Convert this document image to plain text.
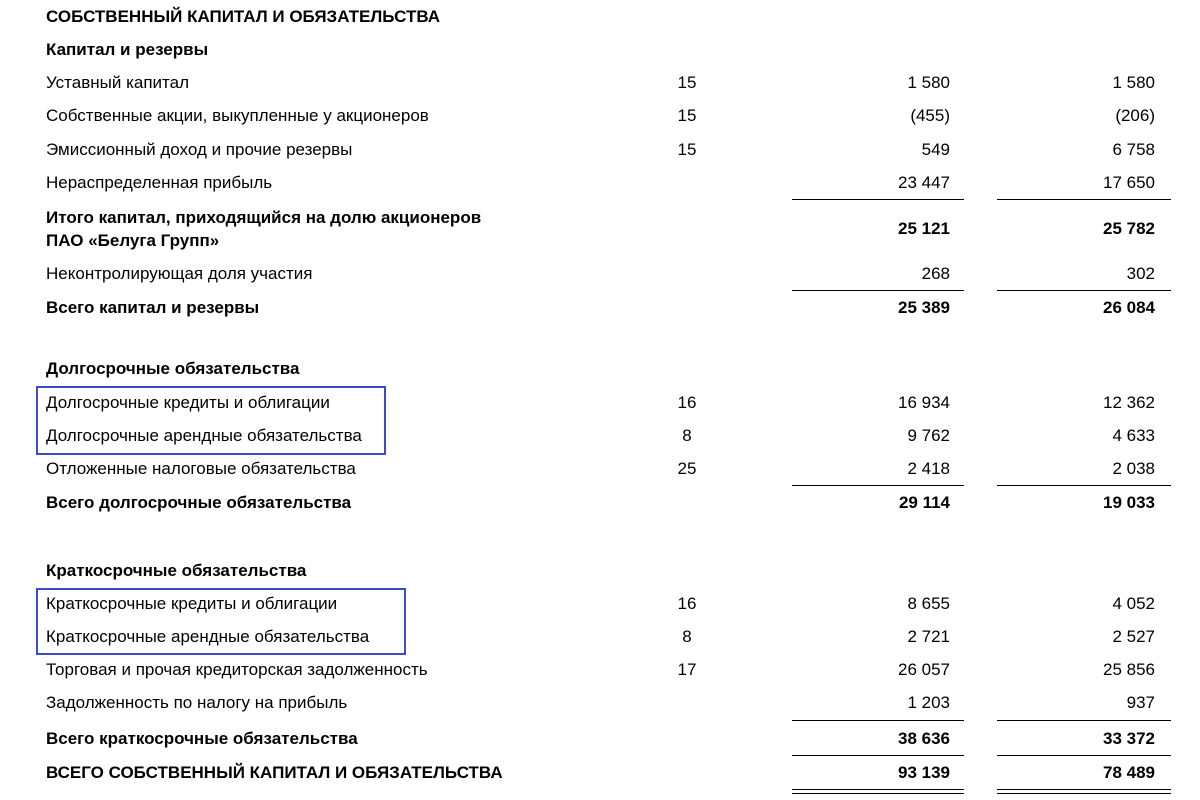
СОБСТВЕННЫЙ КАПИТАЛ И ОБЯЗАТЕЛЬСТВА
Капитал и резервы
Уставный капитал	15	1 580	1 580
Собственные акции, выкупленные у акционеров	15	(455)	(206)
Эмиссионный доход и прочие резервы	15	549	6 758
Нераспределенная прибыль	23 447	17 650
Итого капитал, приходящийся на долю акционеров
ПАО «Белуга Групп»
25 121	25 782
Неконтролирующая доля участия	268	302
Всего капитал и резервы	25 389	26 084
Долгосрочные обязательства
Долгосрочные кредиты и облигации	16	16 934	12 362
Долгосрочные арендные обязательства	8	9 762	4 633
Отложенные налоговые обязательства	25	2 418	2 038
Всего долгосрочные обязательства	29 114	19 033
Краткосрочные обязательства
Краткосрочные кредиты и облигации	16	8 655	4 052
Краткосрочные арендные обязательства	8	2 721	2 527
Торговая и прочая кредиторская задолженность	17	26 057	25 856
Задолженность по налогу на прибыль	1 203	937
Всего краткосрочные обязательства	38 636	33 372
ВСЕГО СОБСТВЕННЫЙ КАПИТАЛ И ОБЯЗАТЕЛЬСТВА	93 139	78 489
